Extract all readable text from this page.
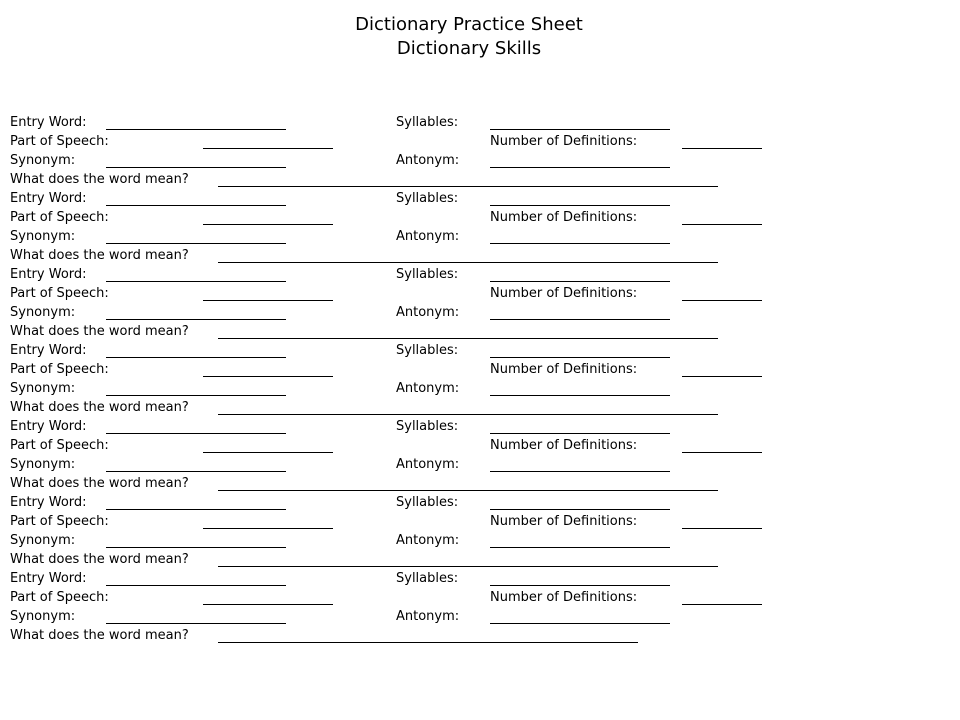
Dictionary Practice Sheet
Dictionary Skills
Entry Word:	Syllables:
Part of Speech:	Number of Definitions:
Synonym:	Antonym:
What does the word mean?
Entry Word:	Syllables:
Part of Speech:	Number of Definitions:
Synonym:	Antonym:
What does the word mean?
Entry Word:	Syllables:
Part of Speech:	Number of Definitions:
Synonym:	Antonym:
What does the word mean?
Entry Word:	Syllables:
Part of Speech:	Number of Definitions:
Synonym:	Antonym:
What does the word mean?
Entry Word:	Syllables:
Part of Speech:	Number of Definitions:
Synonym:	Antonym:
What does the word mean?
Entry Word:	Syllables:
Part of Speech:	Number of Definitions:
Synonym:	Antonym:
What does the word mean?
Entry Word:	Syllables:
Part of Speech:	Number of Definitions:
Synonym:	Antonym:
What does the word mean?
